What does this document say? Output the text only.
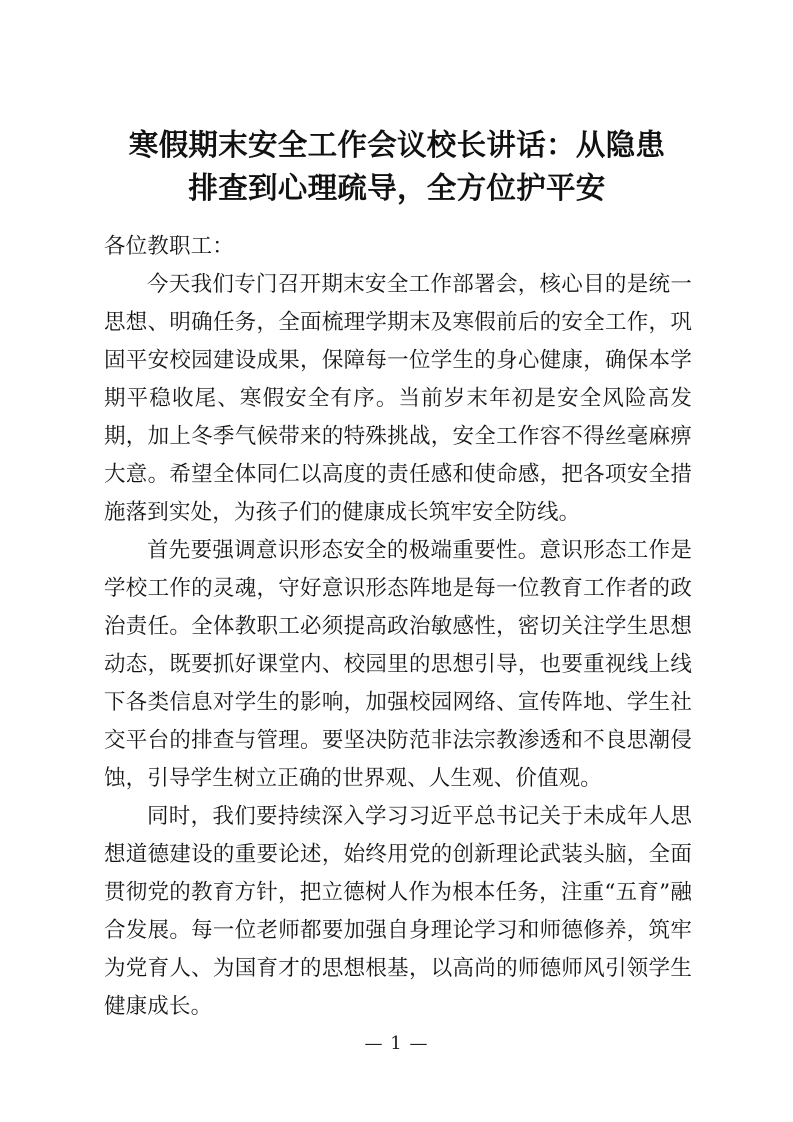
寒假期末安全工作会议校长讲话：从隐患
排查到心理疏导，全方位护平安

各位教职工：

今天我们专门召开期末安全工作部署会，核心目的是统一思想、明确任务，全面梳理学期末及寒假前后的安全工作，巩固平安校园建设成果，保障每一位学生的身心健康，确保本学期平稳收尾、寒假安全有序。当前岁末年初是安全风险高发期，加上冬季气候带来的特殊挑战，安全工作容不得丝毫麻痹大意。希望全体同仁以高度的责任感和使命感，把各项安全措施落到实处，为孩子们的健康成长筑牢安全防线。

首先要强调意识形态安全的极端重要性。意识形态工作是学校工作的灵魂，守好意识形态阵地是每一位教育工作者的政治责任。全体教职工必须提高政治敏感性，密切关注学生思想动态，既要抓好课堂内、校园里的思想引导，也要重视线上线下各类信息对学生的影响，加强校园网络、宣传阵地、学生社交平台的排查与管理。要坚决防范非法宗教渗透和不良思潮侵蚀，引导学生树立正确的世界观、人生观、价值观。

同时，我们要持续深入学习习近平总书记关于未成年人思想道德建设的重要论述，始终用党的创新理论武装头脑，全面贯彻党的教育方针，把立德树人作为根本任务，注重“五育”融合发展。每一位老师都要加强自身理论学习和师德修养，筑牢为党育人、为国育才的思想根基，以高尚的师德师风引领学生健康成长。

— 1 —
